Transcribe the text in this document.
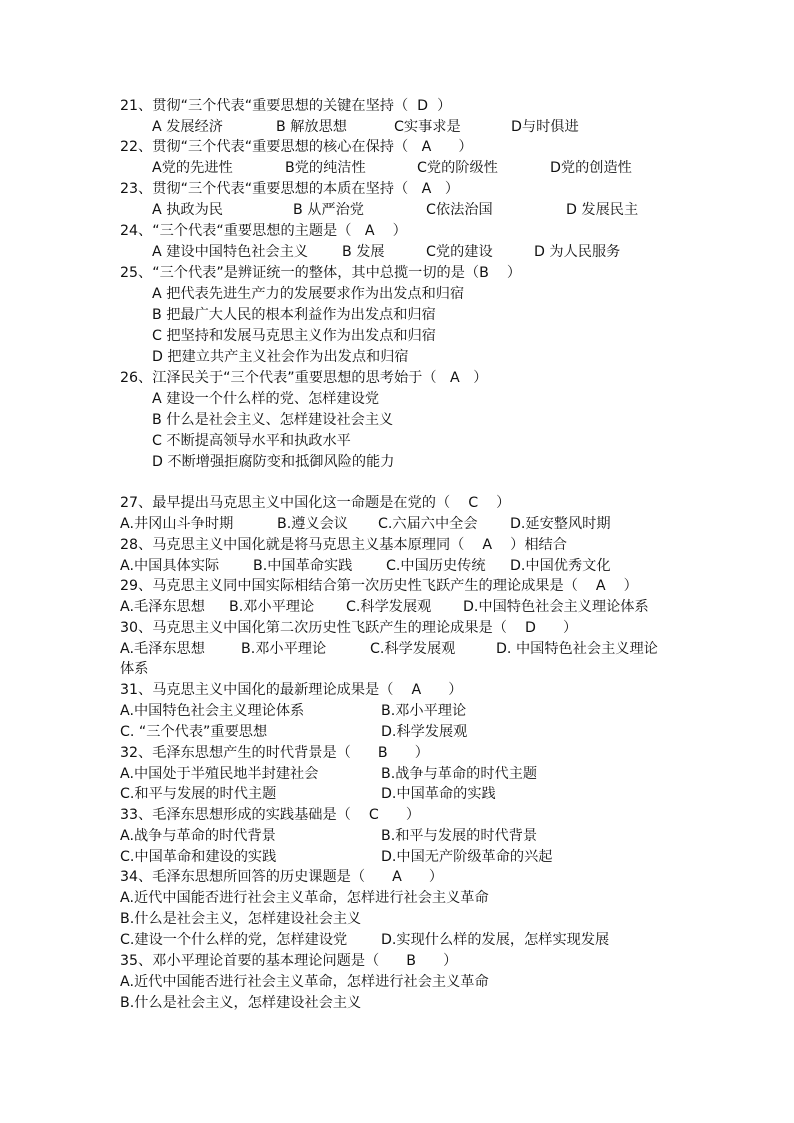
21、贯彻“三个代表“重要思想的关键在坚持（  D  ）
A 发展经济	B 解放思想	C实事求是	D与时俱进
22、贯彻“三个代表“重要思想的核心在保持（   A      ）
A党的先进性	B党的纯洁性	C党的阶级性	D党的创造性
23、贯彻“三个代表“重要思想的本质在坚持（   A   ）
A 执政为民	B 从严治党	C依法治国	D 发展民主
24、“三个代表“重要思想的主题是（   A    ）
A 建设中国特色社会主义 B 发展	C党的建设	D 为人民服务
25、“三个代表”是辨证统一的整体，其中总揽一切的是（B    ）
A 把代表先进生产力的发展要求作为出发点和归宿
B 把最广大人民的根本利益作为出发点和归宿
C 把坚持和发展马克思主义作为出发点和归宿
D 把建立共产主义社会作为出发点和归宿
26、江泽民关于“三个代表”重要思想的思考始于（   A   ）
A 建设一个什么样的党、怎样建设党
B 什么是社会主义、怎样建设社会主义
C 不断提高领导水平和执政水平
D 不断增强拒腐防变和抵御风险的能力
27、最早提出马克思主义中国化这一命题是在党的（    C    ）
A.井冈山斗争时期	B.遵义会议 C.六届六中全会 D.延安整风时期
28、马克思主义中国化就是将马克思主义基本原理同（    A    ）相结合
A.中国具体实际 B.中国革命实践 C.中国历史传统 D.中国优秀文化
29、马克思主义同中国实际相结合第一次历史性飞跃产生的理论成果是（    A    ）
A.毛泽东思想 B.邓小平理论 C.科学发展观 D.中国特色社会主义理论体系
30、马克思主义中国化第二次历史性飞跃产生的理论成果是（    D      ）
A.毛泽东思想	B.邓小平理论	C.科学发展观	D. 中国特色社会主义理论
体系
31、马克思主义中国化的最新理论成果是（    A      ）
A.中国特色社会主义理论体系	B.邓小平理论
C. “三个代表”重要思想	D.科学发展观
32、毛泽东思想产生的时代背景是（      B      ）
A.中国处于半殖民地半封建社会	B.战争与革命的时代主题
C.和平与发展的时代主题	D.中国革命的实践
33、毛泽东思想形成的实践基础是（    C      ）
A.战争与革命的时代背景	B.和平与发展的时代背景
C.中国革命和建设的实践	D.中国无产阶级革命的兴起
34、毛泽东思想所回答的历史课题是（      A      ）
A.近代中国能否进行社会主义革命，怎样进行社会主义革命
B.什么是社会主义，怎样建设社会主义
C.建设一个什么样的党，怎样建设党 D.实现什么样的发展，怎样实现发展
35、邓小平理论首要的基本理论问题是（      B      ）
A.近代中国能否进行社会主义革命，怎样进行社会主义革命
B.什么是社会主义，怎样建设社会主义
